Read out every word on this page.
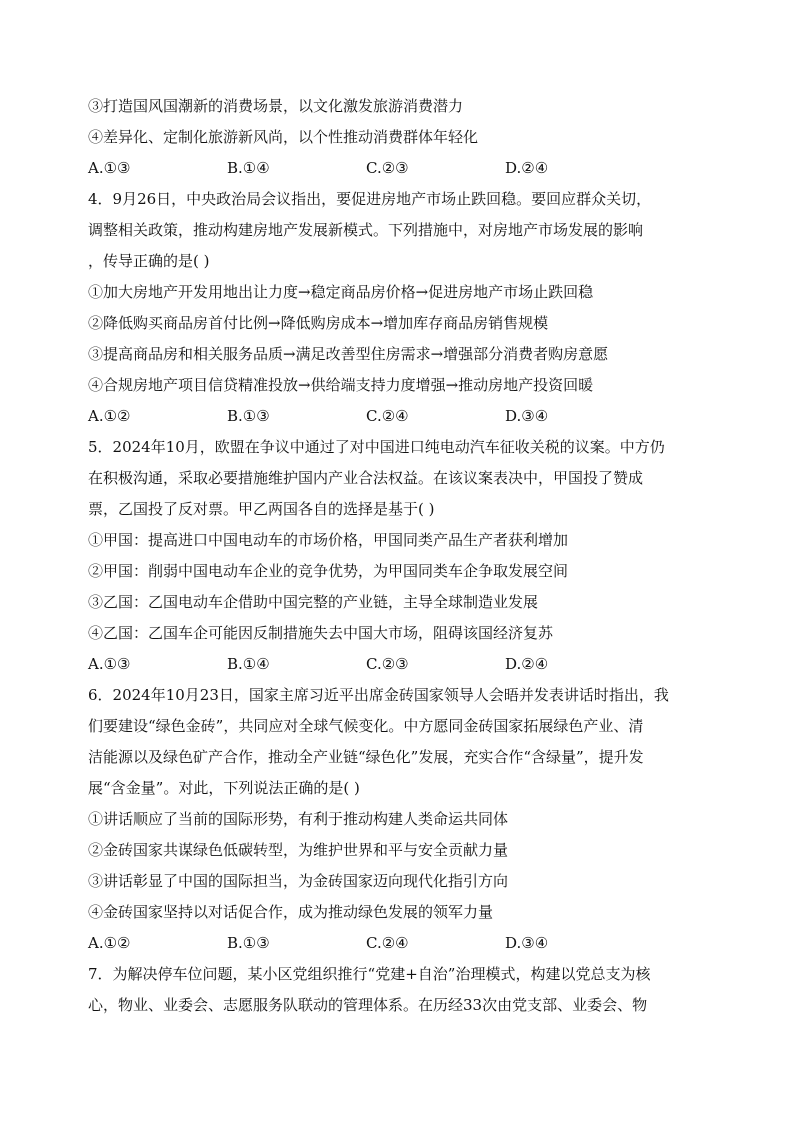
③打造国风国潮新的消费场景，以文化激发旅游消费潜力
④差异化、定制化旅游新风尚，以个性推动消费群体年轻化
A.①③	B.①④	C.②③	D.②④
4．9月26日，中央政治局会议指出，要促进房地产市场止跌回稳。要回应群众关切，
调整相关政策，推动构建房地产发展新模式。下列措施中，对房地产市场发展的影响
，传导正确的是( )
①加大房地产开发用地出让力度→稳定商品房价格→促进房地产市场止跌回稳
②降低购买商品房首付比例→降低购房成本→增加库存商品房销售规模
③提高商品房和相关服务品质→满足改善型住房需求→增强部分消费者购房意愿
④合规房地产项目信贷精准投放→供给端支持力度增强→推动房地产投资回暖
A.①②	B.①③	C.②④	D.③④
5．2024年10月，欧盟在争议中通过了对中国进口纯电动汽车征收关税的议案。中方仍
在积极沟通，采取必要措施维护国内产业合法权益。在该议案表决中，甲国投了赞成
票，乙国投了反对票。甲乙两国各自的选择是基于( )
①甲国：提高进口中国电动车的市场价格，甲国同类产品生产者获利增加
②甲国：削弱中国电动车企业的竞争优势，为甲国同类车企争取发展空间
③乙国：乙国电动车企借助中国完整的产业链，主导全球制造业发展
④乙国：乙国车企可能因反制措施失去中国大市场，阻碍该国经济复苏
A.①③	B.①④	C.②③	D.②④
6．2024年10月23日，国家主席习近平出席金砖国家领导人会晤并发表讲话时指出，我
们要建设“绿色金砖”，共同应对全球气候变化。中方愿同金砖国家拓展绿色产业、清
洁能源以及绿色矿产合作，推动全产业链“绿色化”发展，充实合作“含绿量”，提升发
展“含金量”。对此，下列说法正确的是( )
①讲话顺应了当前的国际形势，有利于推动构建人类命运共同体
②金砖国家共谋绿色低碳转型，为维护世界和平与安全贡献力量
③讲话彰显了中国的国际担当，为金砖国家迈向现代化指引方向
④金砖国家坚持以对话促合作，成为推动绿色发展的领军力量
A.①②	B.①③	C.②④	D.③④
7．为解决停车位问题，某小区党组织推行“党建+自治”治理模式，构建以党总支为核
心，物业、业委会、志愿服务队联动的管理体系。在历经33次由党支部、业委会、物
